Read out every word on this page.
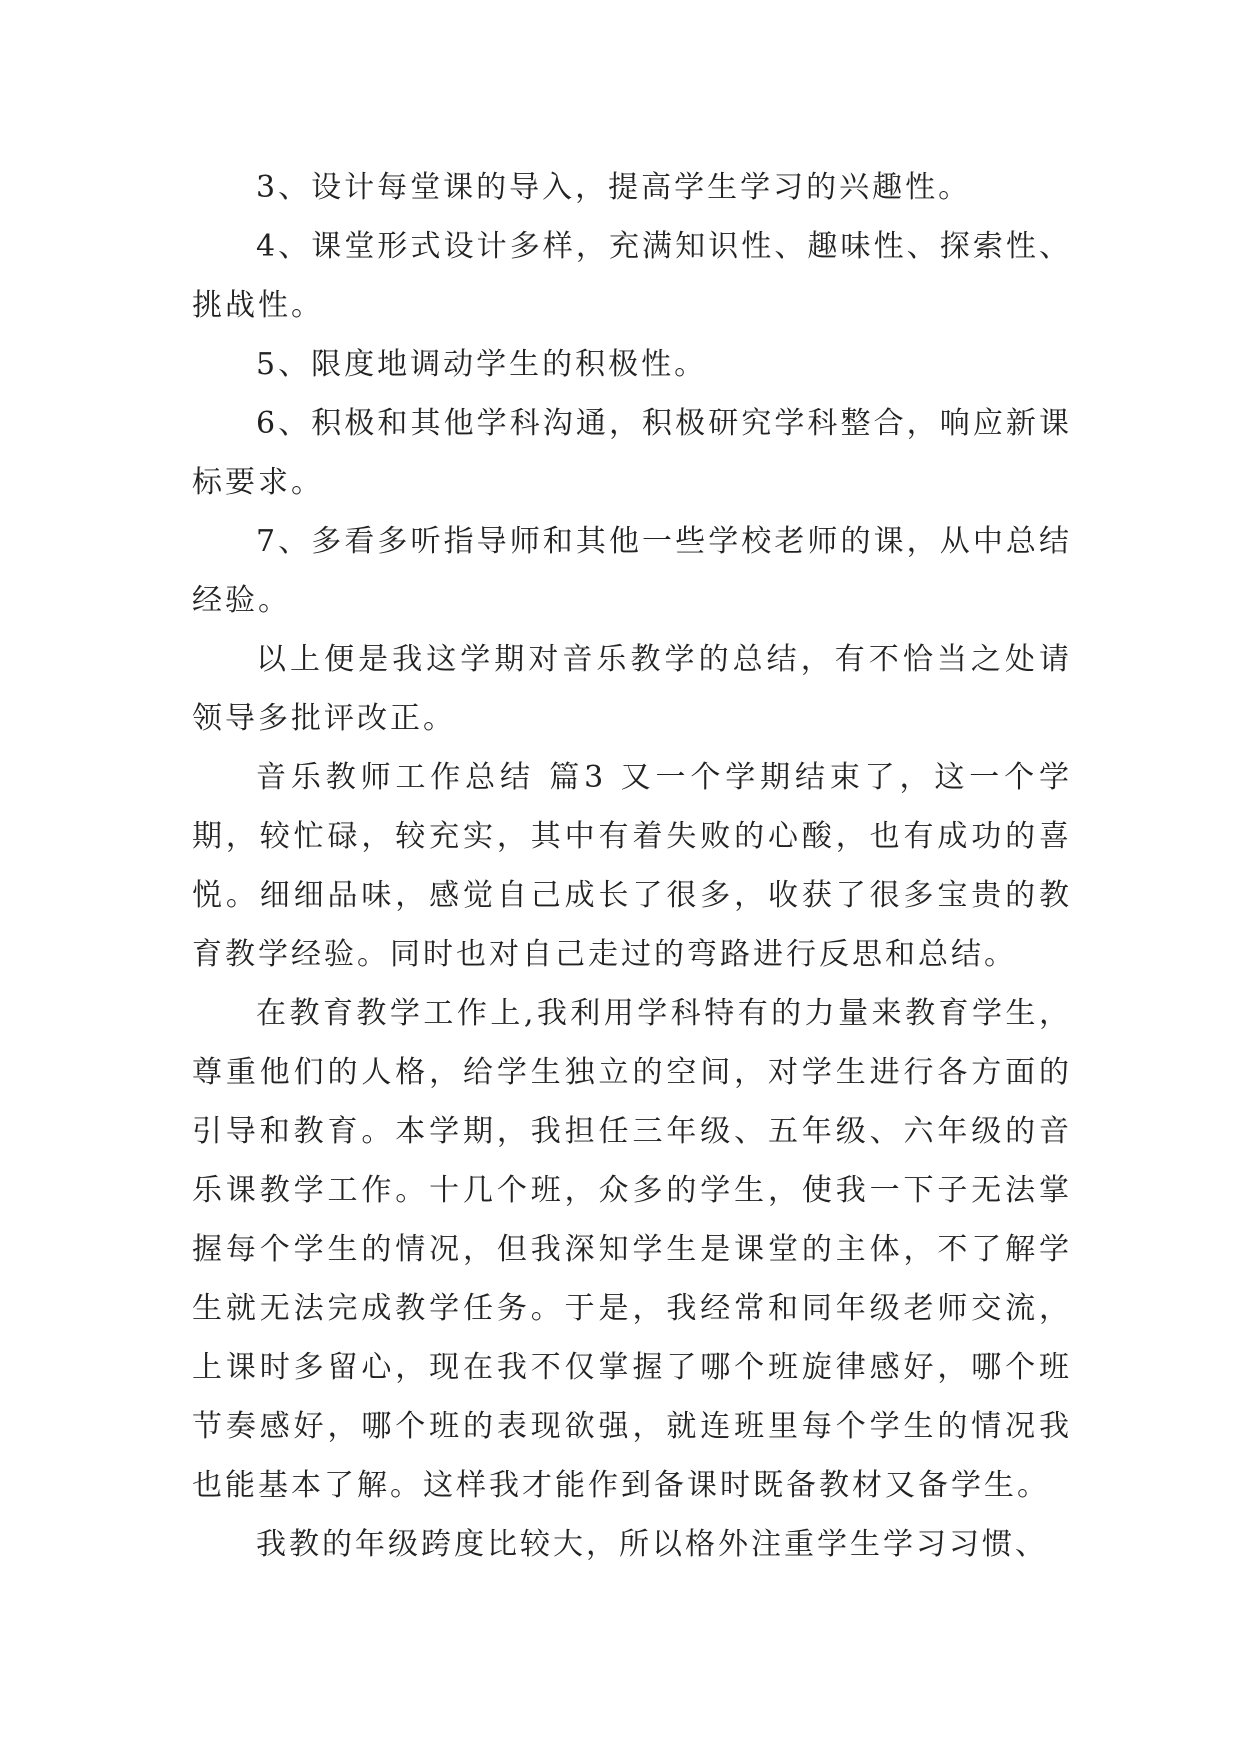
3、设计每堂课的导入，提高学生学习的兴趣性。

4、课堂形式设计多样，充满知识性、趣味性、探索性、挑战性。

5、限度地调动学生的积极性。

6、积极和其他学科沟通，积极研究学科整合，响应新课标要求。

7、多看多听指导师和其他一些学校老师的课，从中总结经验。

以上便是我这学期对音乐教学的总结，有不恰当之处请领导多批评改正。

音乐教师工作总结 篇3 又一个学期结束了，这一个学期，较忙碌，较充实，其中有着失败的心酸，也有成功的喜悦。细细品味，感觉自己成长了很多，收获了很多宝贵的教育教学经验。同时也对自己走过的弯路进行反思和总结。

在教育教学工作上,我利用学科特有的力量来教育学生，尊重他们的人格，给学生独立的空间，对学生进行各方面的引导和教育。本学期，我担任三年级、五年级、六年级的音乐课教学工作。十几个班，众多的学生，使我一下子无法掌握每个学生的情况，但我深知学生是课堂的主体，不了解学生就无法完成教学任务。于是，我经常和同年级老师交流，上课时多留心，现在我不仅掌握了哪个班旋律感好，哪个班节奏感好，哪个班的表现欲强，就连班里每个学生的情况我也能基本了解。这样我才能作到备课时既备教材又备学生。

我教的年级跨度比较大，所以格外注重学生学习习惯、
